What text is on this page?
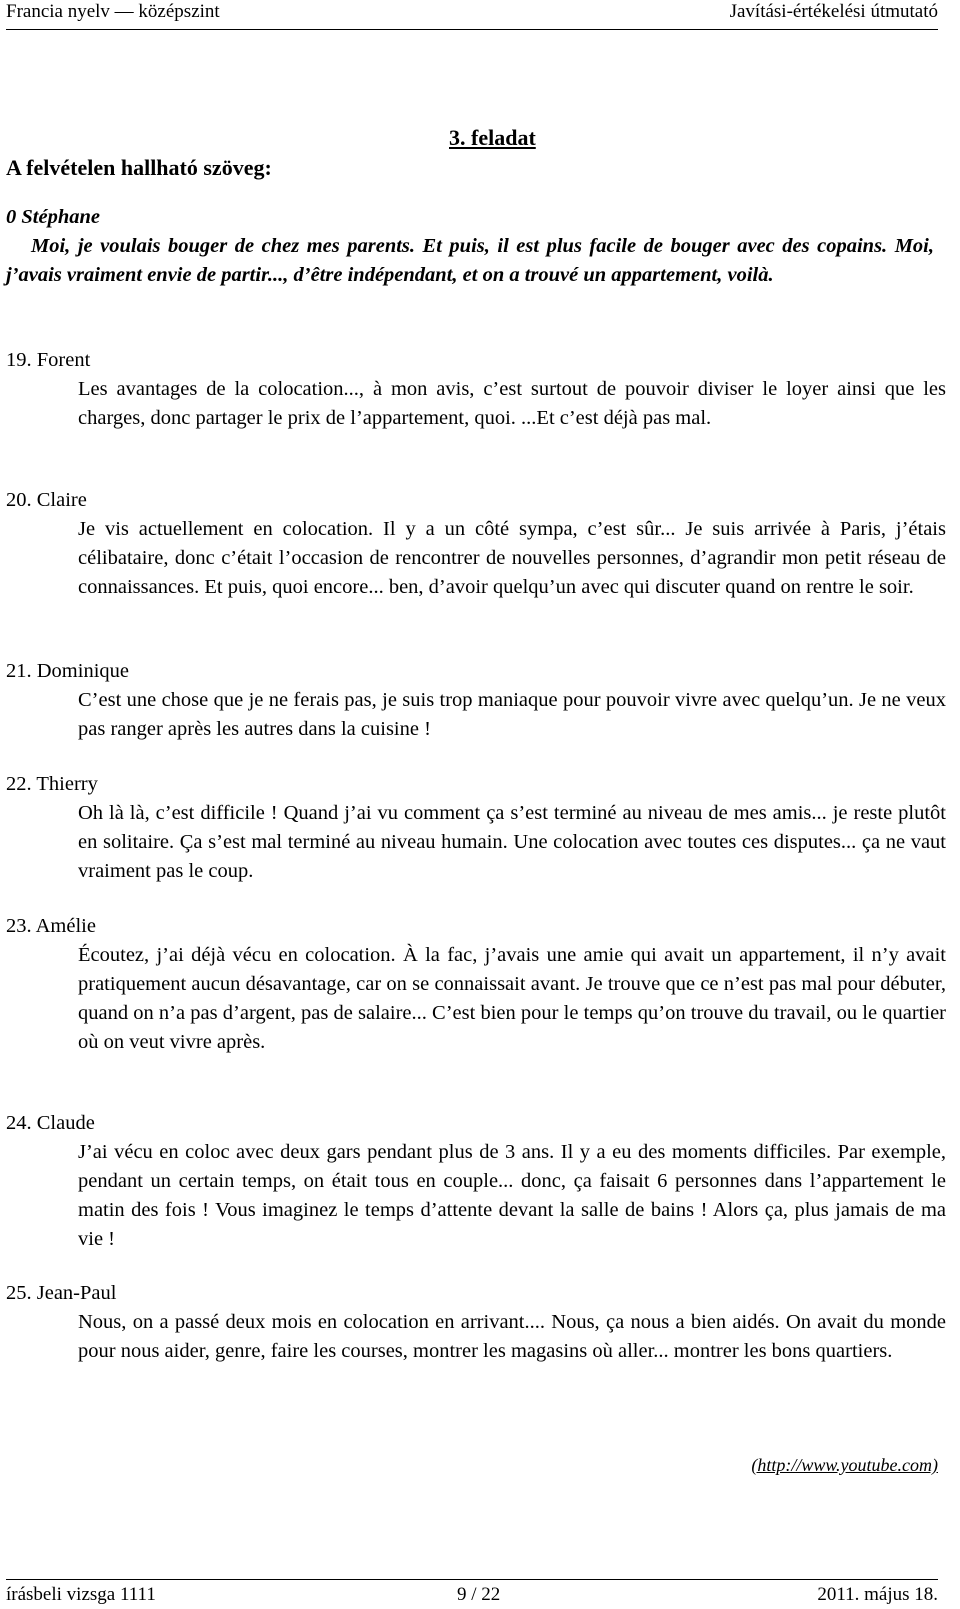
Francia nyelv — középszint	Javítási-értékelési útmutató
3. feladat
A felvételen hallható szöveg:
0 Stéphane
Moi, je voulais bouger de chez mes parents. Et puis, il est plus facile de bouger avec des copains. Moi, j’avais vraiment envie de partir..., d’être indépendant, et on a trouvé un appartement, voilà.
19. Forent
Les avantages de la colocation..., à mon avis, c’est surtout de pouvoir diviser le loyer ainsi que les charges, donc partager le prix de l’appartement, quoi. ...Et c’est déjà pas mal.
20. Claire
Je vis actuellement en colocation. Il y a un côté sympa, c’est sûr... Je suis arrivée à Paris, j’étais célibataire, donc c’était l’occasion de rencontrer de nouvelles personnes, d’agrandir mon petit réseau de connaissances. Et puis, quoi encore... ben, d’avoir quelqu’un avec qui discuter quand on rentre le soir.
21. Dominique
C’est une chose que je ne ferais pas, je suis trop maniaque pour pouvoir vivre avec quelqu’un. Je ne veux pas ranger après les autres dans la cuisine !
22. Thierry
Oh là là, c’est difficile ! Quand j’ai vu comment ça s’est terminé au niveau de mes amis... je reste plutôt en solitaire. Ça s’est mal terminé au niveau humain. Une colocation avec toutes ces disputes... ça ne vaut vraiment pas le coup.
23. Amélie
Écoutez, j’ai déjà vécu en colocation. À la fac, j’avais une amie qui avait un appartement, il n’y avait pratiquement aucun désavantage, car on se connaissait avant. Je trouve que ce n’est pas mal pour débuter, quand on n’a pas d’argent, pas de salaire... C’est bien pour le temps qu’on trouve du travail, ou le quartier où on veut vivre après.
24. Claude
J’ai vécu en coloc avec deux gars pendant plus de 3 ans. Il y a eu des moments difficiles. Par exemple, pendant un certain temps, on était tous en couple... donc, ça faisait 6 personnes dans l’appartement le matin des fois ! Vous imaginez le temps d’attente devant la salle de bains ! Alors ça, plus jamais de ma vie !
25. Jean-Paul
Nous, on a passé deux mois en colocation en arrivant.... Nous, ça nous a bien aidés. On avait du monde pour nous aider, genre, faire les courses, montrer les magasins où aller... montrer les bons quartiers.
(http://www.youtube.com)
írásbeli vizsga 1111	9 / 22	2011. május 18.
